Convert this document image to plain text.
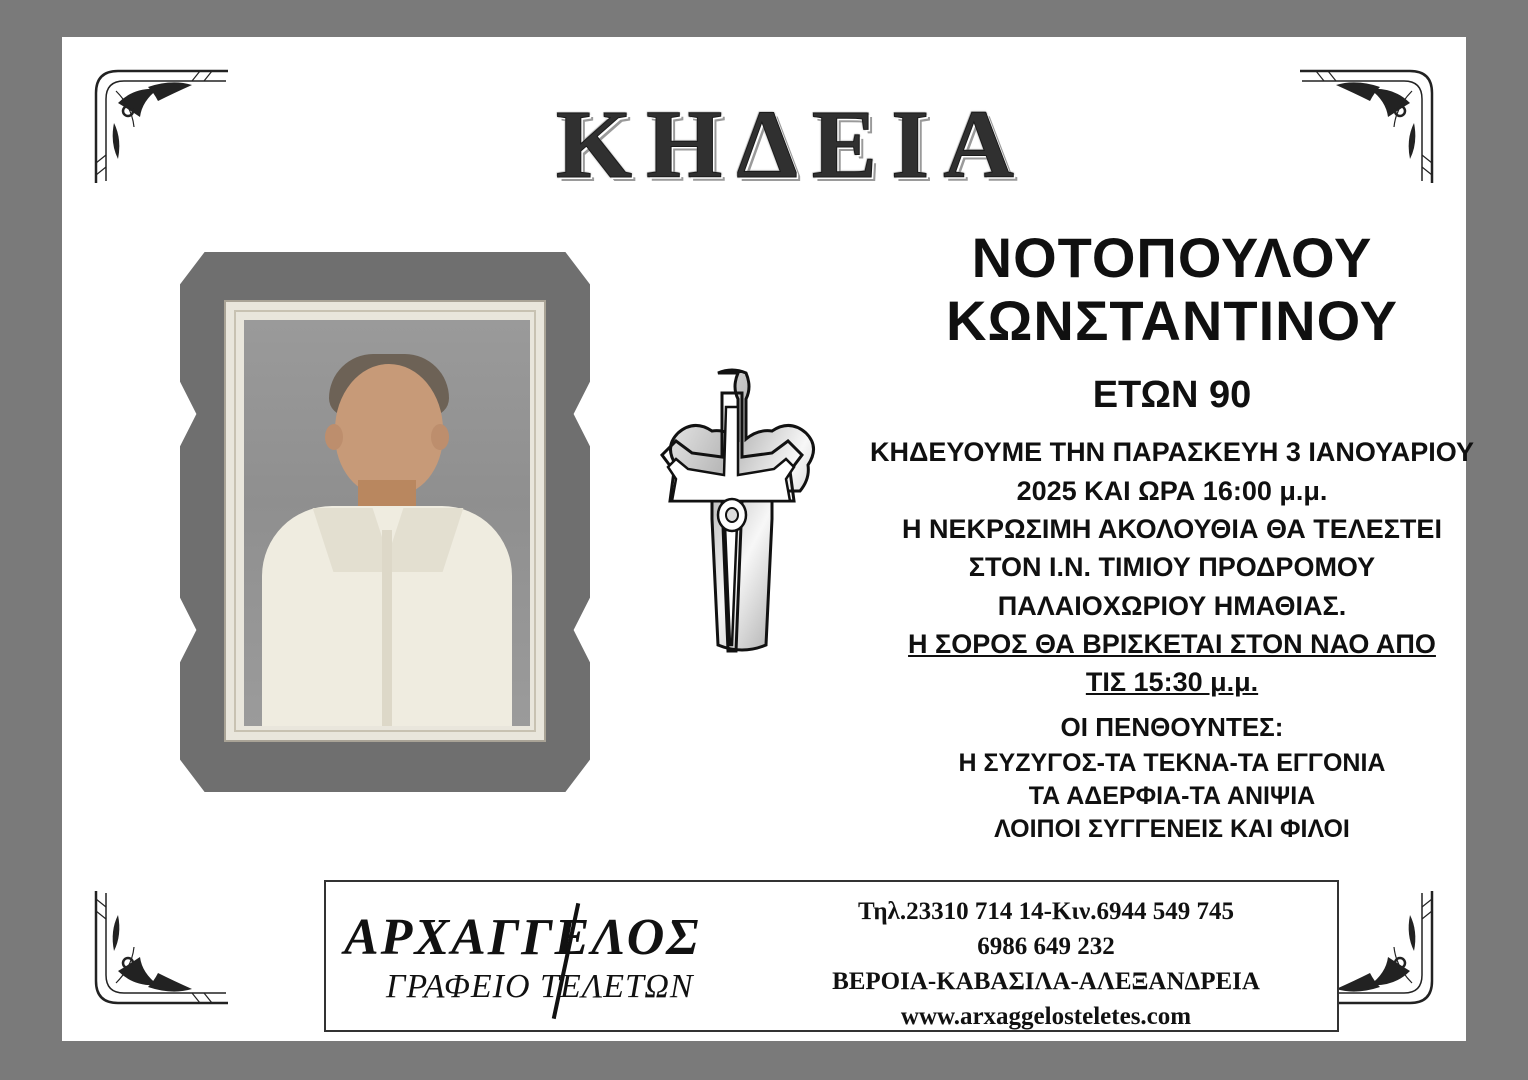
ΚΗΔΕΙΑ
ΝΟΤΟΠΟΥΛΟΥ
ΚΩΝΣΤΑΝΤΙΝΟΥ
ΕΤΩΝ 90
ΚΗΔΕΥΟΥΜΕ ΤΗΝ ΠΑΡΑΣΚΕΥΗ 3 ΙΑΝΟΥΑΡΙΟΥ
2025 ΚΑΙ ΩΡΑ 16:00 μ.μ.
Η ΝΕΚΡΩΣΙΜΗ ΑΚΟΛΟΥΘΙΑ ΘΑ ΤΕΛΕΣΤΕΙ
ΣΤΟΝ Ι.Ν. ΤΙΜΙΟΥ ΠΡΟΔΡΟΜΟΥ
ΠΑΛΑΙΟΧΩΡΙΟΥ ΗΜΑΘΙΑΣ.
Η ΣΟΡΟΣ ΘΑ ΒΡΙΣΚΕΤΑΙ ΣΤΟΝ ΝΑΟ ΑΠΟ
ΤΙΣ 15:30 μ.μ.
ΟΙ ΠΕΝΘΟΥΝΤΕΣ:
Η ΣΥΖΥΓΟΣ-ΤΑ ΤΕΚΝΑ-ΤΑ ΕΓΓΟΝΙΑ
ΤΑ ΑΔΕΡΦΙΑ-ΤΑ ΑΝΙΨΙΑ
ΛΟΙΠΟΙ ΣΥΓΓΕΝΕΙΣ ΚΑΙ ΦΙΛΟΙ
ΑΡΧΑΓΓΕΛΟΣ
ΓΡΑΦΕΙΟ ΤΕΛΕΤΩΝ
Τηλ.23310 714 14-Κιν.6944 549 745
6986 649 232
ΒΕΡΟΙΑ-ΚΑΒΑΣΙΛΑ-ΑΛΕΞΑΝΔΡΕΙΑ
www.arxaggelosteletes.com
